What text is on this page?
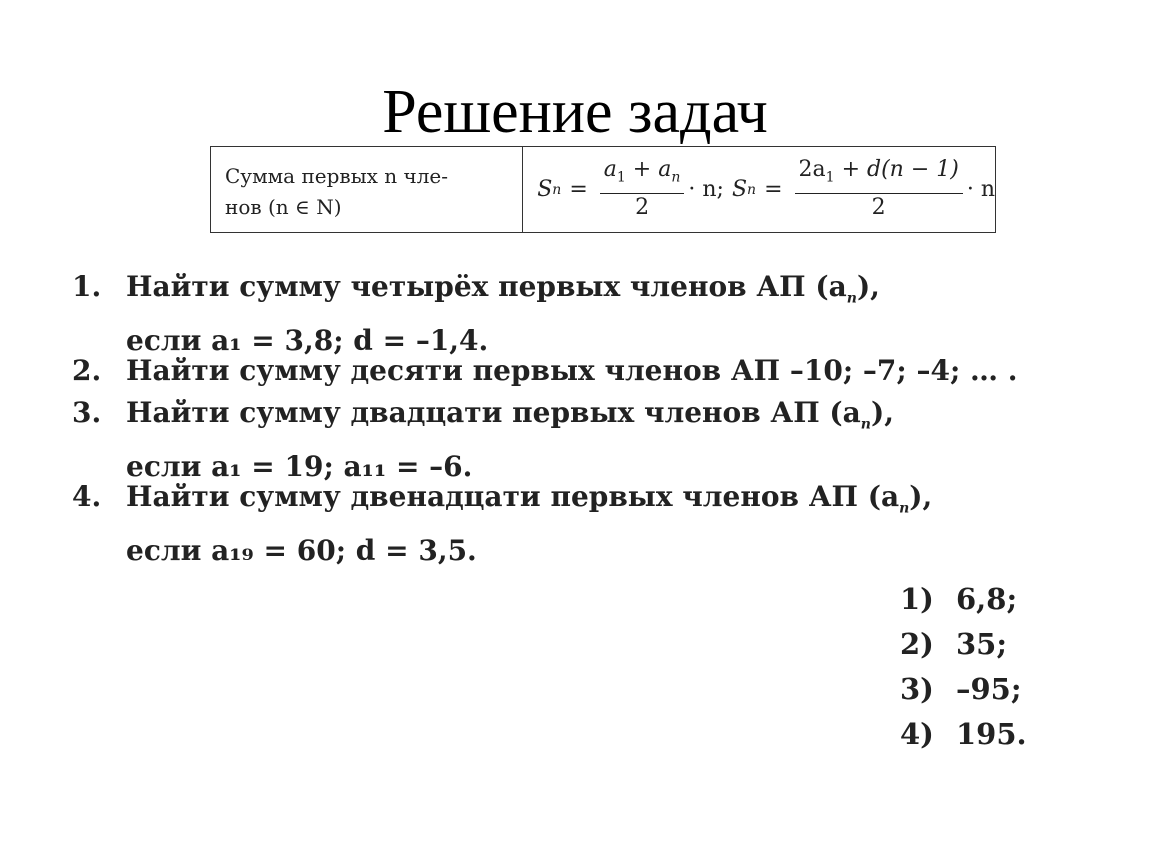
Решение задач
Сумма первых n чле-
нов (n ∈ N)
S $n = \frac{a_1 + a_n}{2} \cdot n$; S $n = \frac{2a_1 + d(n - 1)}{2} \cdot n$
1. Найти сумму четырёх первых членов АП $(a_n)$,
если a₁ = 3,8; d = –1,4.
2. Найти сумму десяти первых членов АП –10; –7; –4; … .
3. Найти сумму двадцати первых членов АП $(a_n)$,
если a₁ = 19; a₁₁ = –6.
4. Найти сумму двенадцати первых членов АП $(a_n)$,
если a₁₉ = 60; d = 3,5.
1) 6,8;
2) 35;
3) –95;
4) 195.
